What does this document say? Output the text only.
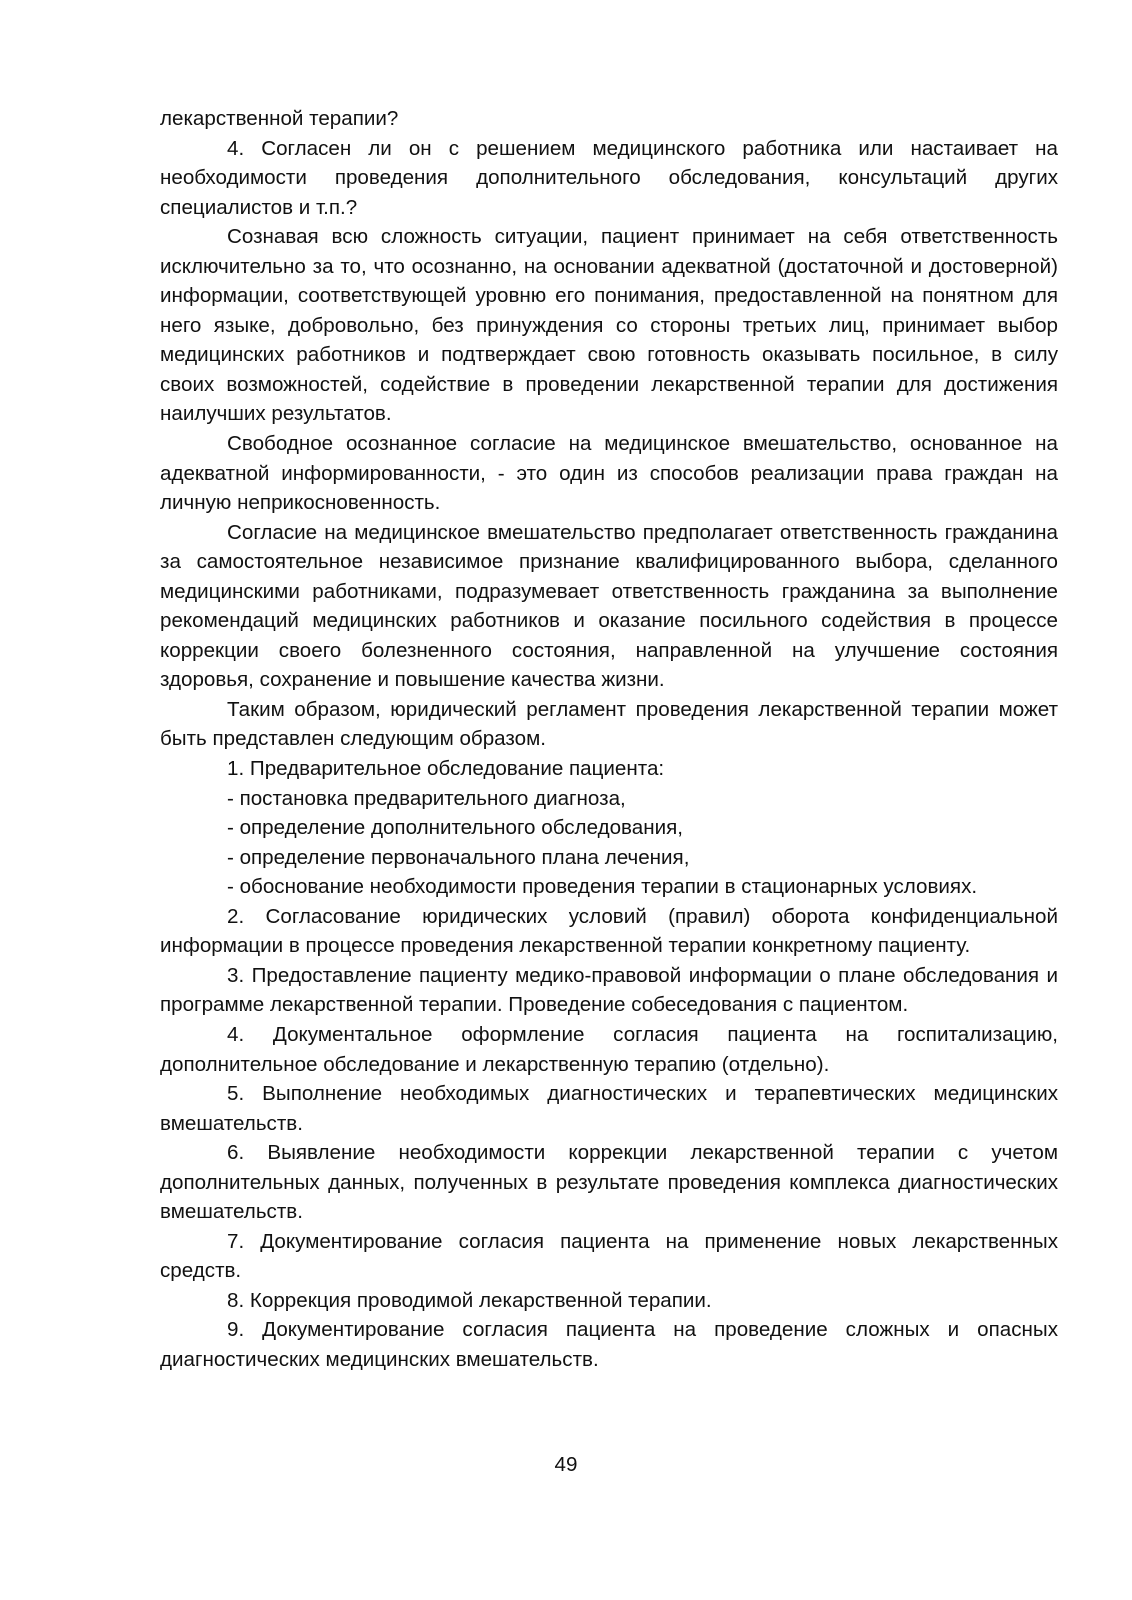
лекарственной терапии?

4. Согласен ли он с решением медицинского работника или настаивает на необходимости проведения дополнительного обследования, консультаций других специалистов и т.п.?

Сознавая всю сложность ситуации, пациент принимает на себя ответственность исключительно за то, что осознанно, на основании адекватной (достаточной и достоверной) информации, соответствующей уровню его понимания, предоставленной на понятном для него языке, добровольно, без принуждения со стороны третьих лиц, принимает выбор медицинских работников и подтверждает свою готовность оказывать посильное, в силу своих возможностей, содействие в проведении лекарственной терапии для достижения наилучших результатов.

Свободное осознанное согласие на медицинское вмешательство, основанное на адекватной информированности, - это один из способов реализации права граждан на личную неприкосновенность.

Согласие на медицинское вмешательство предполагает ответственность гражданина за самостоятельное независимое признание квалифицированного выбора, сделанного медицинскими работниками, подразумевает ответственность гражданина за выполнение рекомендаций медицинских работников и оказание посильного содействия в процессе коррекции своего болезненного состояния, направленной на улучшение состояния здоровья, сохранение и повышение качества жизни.

Таким образом, юридический регламент проведения лекарственной терапии может быть представлен следующим образом.

1. Предварительное обследование пациента:

- постановка предварительного диагноза,

- определение дополнительного обследования,

- определение первоначального плана лечения,

- обоснование необходимости проведения терапии в стационарных условиях.

2. Согласование юридических условий (правил) оборота конфиденциальной информации в процессе проведения лекарственной терапии конкретному пациенту.

3. Предоставление пациенту медико-правовой информации о плане обследования и программе лекарственной терапии. Проведение собеседования с пациентом.

4. Документальное оформление согласия пациента на госпитализацию, дополнительное обследование и лекарственную терапию (отдельно).

5. Выполнение необходимых диагностических и терапевтических медицинских вмешательств.

6. Выявление необходимости коррекции лекарственной терапии с учетом дополнительных данных, полученных в результате проведения комплекса диагностических вмешательств.

7. Документирование согласия пациента на применение новых лекарственных средств.

8. Коррекция проводимой лекарственной терапии.

9. Документирование согласия пациента на проведение сложных и опасных диагностических медицинских вмешательств.

49
